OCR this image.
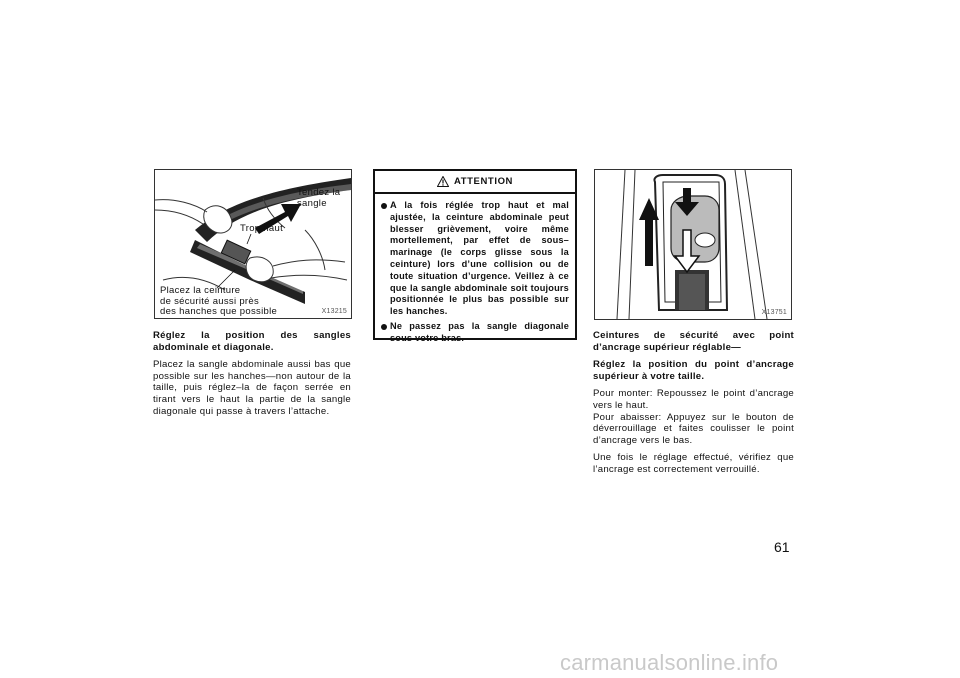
Tendez la
sangle
Trop haut
Placez la ceinture
de sécurité aussi près
des hanches que possible	X13215

Réglez la position des sangles abdominale et diagonale.

Placez la sangle abdominale aussi bas que possible sur les hanches—non autour de la taille, puis réglez–la de façon serrée en tirant vers le haut la partie de la sangle diagonale qui passe à travers l’attache.

ATTENTION
A la fois réglée trop haut et mal ajustée, la ceinture abdominale peut blesser grièvement, voire même mortellement, par effet de sous–marinage (le corps glisse sous la ceinture) lors d’une collision ou de toute situation d’urgence. Veillez à ce que la sangle abdominale soit toujours positionnée le plus bas possible sur les hanches.
Ne passez pas la sangle diagonale sous votre bras.
X13751

Ceintures de sécurité avec point d’ancrage supérieur réglable—

Réglez la position du point d’ancrage supérieur à votre taille.

Pour monter: Repoussez le point d’ancrage vers le haut.
Pour abaisser: Appuyez sur le bouton de déverrouillage et faites coulisser le point d’ancrage vers le bas.

Une fois le réglage effectué, vérifiez que l’ancrage est correctement verrouillé.

61
carmanualsonline.info
